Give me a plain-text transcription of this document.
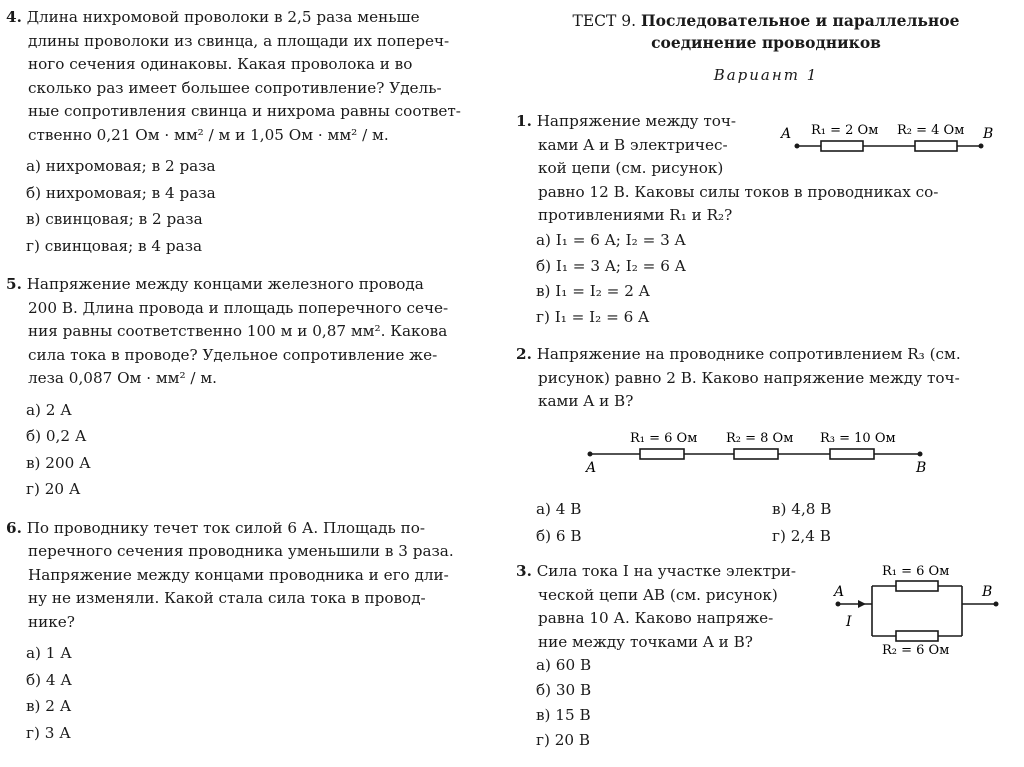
4. Длина нихромовой проволоки в 2,5 раза меньше
длины проволоки из свинца, а площади их попереч-
ного сечения одинаковы. Какая проволока и во
сколько раз имеет большее сопротивление? Удель-
ные сопротивления свинца и нихрома равны соответ-
ственно 0,21 Ом · мм² / м и 1,05 Ом · мм² / м.
а) нихромовая; в 2 раза
б) нихромовая; в 4 раза
в) свинцовая; в 2 раза
г) свинцовая; в 4 раза
5. Напряжение между концами железного провода
200 В. Длина провода и площадь поперечного сече-
ния равны соответственно 100 м и 0,87 мм². Какова
сила тока в проводе? Удельное сопротивление же-
леза 0,087 Ом · мм² / м.
а) 2 А
б) 0,2 А
в) 200 А
г) 20 А
6. По проводнику течет ток силой 6 А. Площадь по-
перечного сечения проводника уменьшили в 3 раза.
Напряжение между концами проводника и его дли-
ну не изменяли. Какой стала сила тока в провод-
нике?
а) 1 А
б) 4 А
в) 2 А
г) 3 А
ТЕСТ 9. Последовательное и параллельное
соединение проводников
Вариант 1
1. Напряжение между точ-
ками A и B электричес-
кой цепи (см. рисунок)
равно 12 В. Каковы силы токов в проводниках со-
противлениями R₁ и R₂?
A R₁ = 2 Ом R₂ = 4 Ом B
а) I₁ = 6 A; I₂ = 3 A
б) I₁ = 3 A; I₂ = 6 A
в) I₁ = I₂ = 2 A
г) I₁ = I₂ = 6 A
2. Напряжение на проводнике сопротивлением R₃ (см.
рисунок) равно 2 В. Каково напряжение между точ-
ками A и B?
R₁ = 6 Ом R₂ = 8 Ом R₃ = 10 Ом
A	B
а) 4 В
б) 6 В
в) 4,8 В
г) 2,4 В
3. Сила тока I на участке электри-
ческой цепи AB (см. рисунок)
равна 10 А. Каково напряже-
ние между точками A и B?
A
I
B
R₁ = 6 Ом
R₂ = 6 Ом
а) 60 В
б) 30 В
в) 15 В
г) 20 В
